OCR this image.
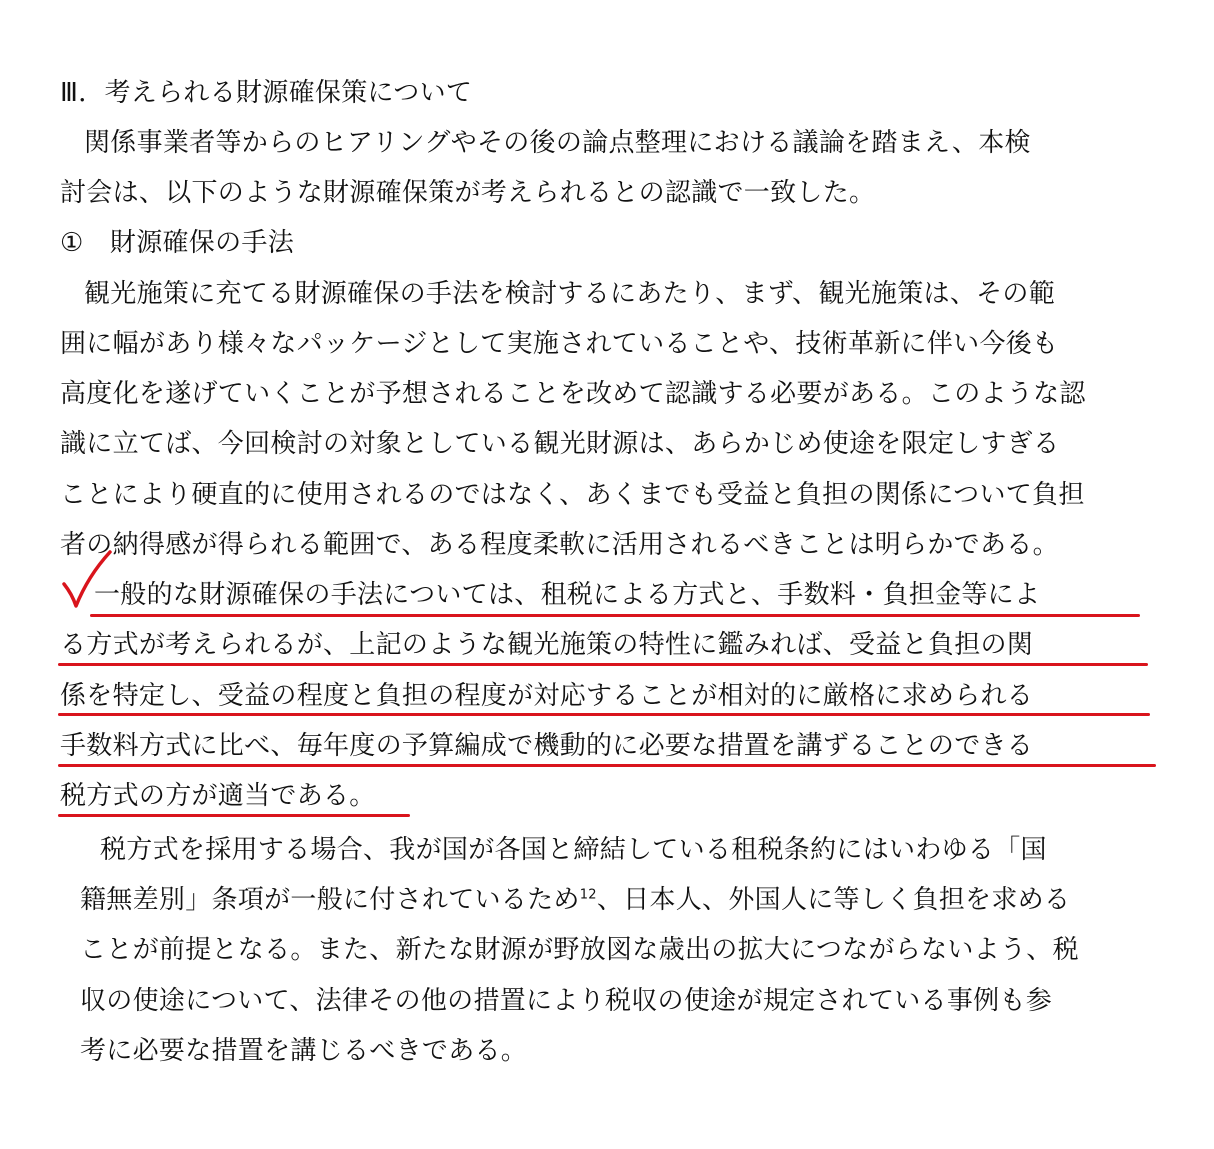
Ⅲ．考えられる財源確保策について
関係事業者等からのヒアリングやその後の論点整理における議論を踏まえ、本検
討会は、以下のような財源確保策が考えられるとの認識で一致した。
①　財源確保の手法
観光施策に充てる財源確保の手法を検討するにあたり、まず、観光施策は、その範
囲に幅があり様々なパッケージとして実施されていることや、技術革新に伴い今後も
高度化を遂げていくことが予想されることを改めて認識する必要がある。このような認
識に立てば、今回検討の対象としている観光財源は、あらかじめ使途を限定しすぎる
ことにより硬直的に使用されるのではなく、あくまでも受益と負担の関係について負担
者の納得感が得られる範囲で、ある程度柔軟に活用されるべきことは明らかである。
一般的な財源確保の手法については、租税による方式と、手数料・負担金等によ
る方式が考えられるが、上記のような観光施策の特性に鑑みれば、受益と負担の関
係を特定し、受益の程度と負担の程度が対応することが相対的に厳格に求められる
手数料方式に比べ、毎年度の予算編成で機動的に必要な措置を講ずることのできる
税方式の方が適当である。
税方式を採用する場合、我が国が各国と締結している租税条約にはいわゆる「国
籍無差別」条項が一般に付されているため$^{12}$、日本人、外国人に等しく負担を求める
ことが前提となる。また、新たな財源が野放図な歳出の拡大につながらないよう、税
収の使途について、法律その他の措置により税収の使途が規定されている事例も参
考に必要な措置を講じるべきである。
